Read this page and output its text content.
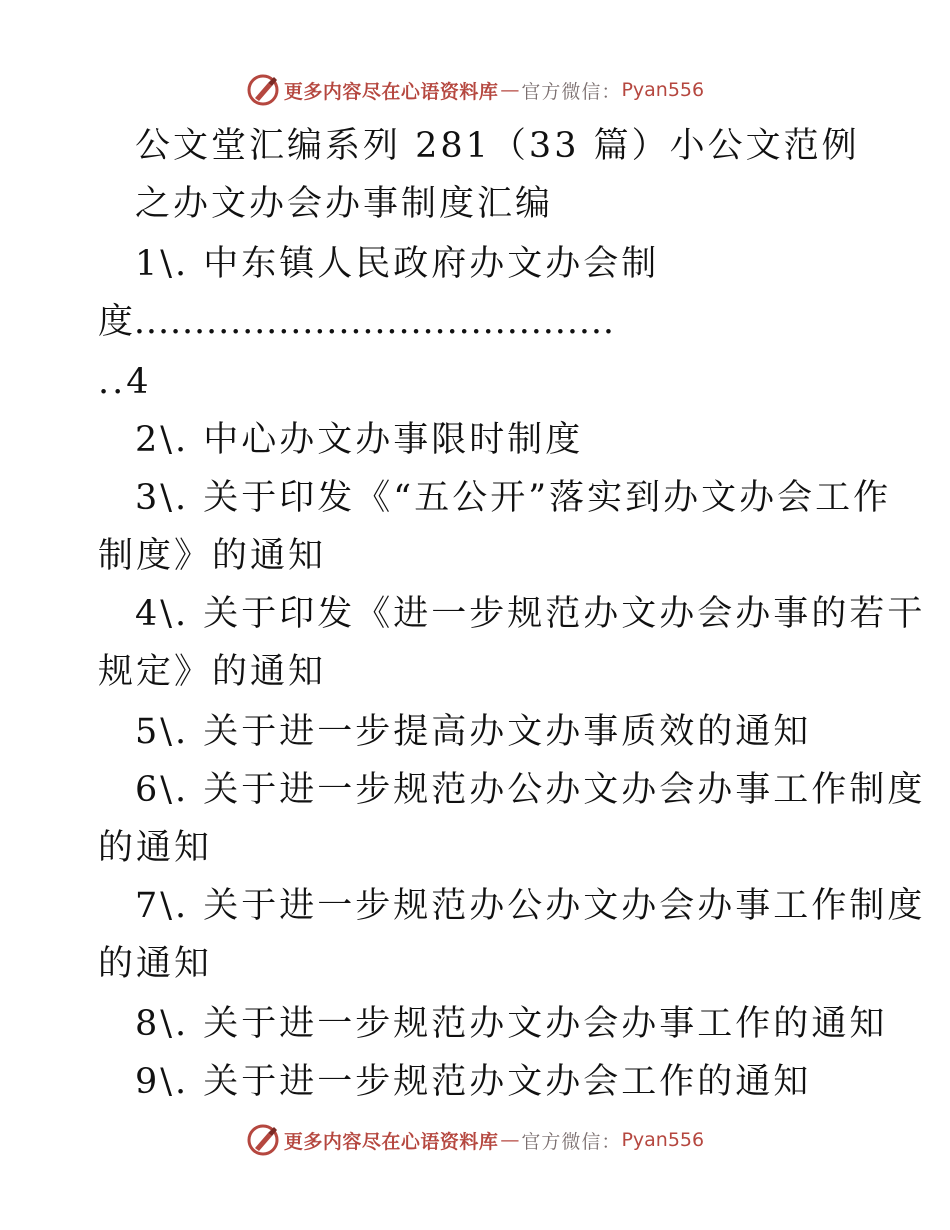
更多内容尽在心语资料库 — 官方微信： Pyan556
公文堂汇编系列 281（33 篇）小公文范例
之办文办会办事制度汇编
1\. 中东镇人民政府办文办会制
度........................................
..4
2\. 中心办文办事限时制度
3\. 关于印发《“五公开”落实到办文办会工作
制度》的通知
4\. 关于印发《进一步规范办文办会办事的若干
规定》的通知
5\. 关于进一步提高办文办事质效的通知
6\. 关于进一步规范办公办文办会办事工作制度
的通知
7\. 关于进一步规范办公办文办会办事工作制度
的通知
8\. 关于进一步规范办文办会办事工作的通知
9\. 关于进一步规范办文办会工作的通知
更多内容尽在心语资料库 — 官方微信： Pyan556
